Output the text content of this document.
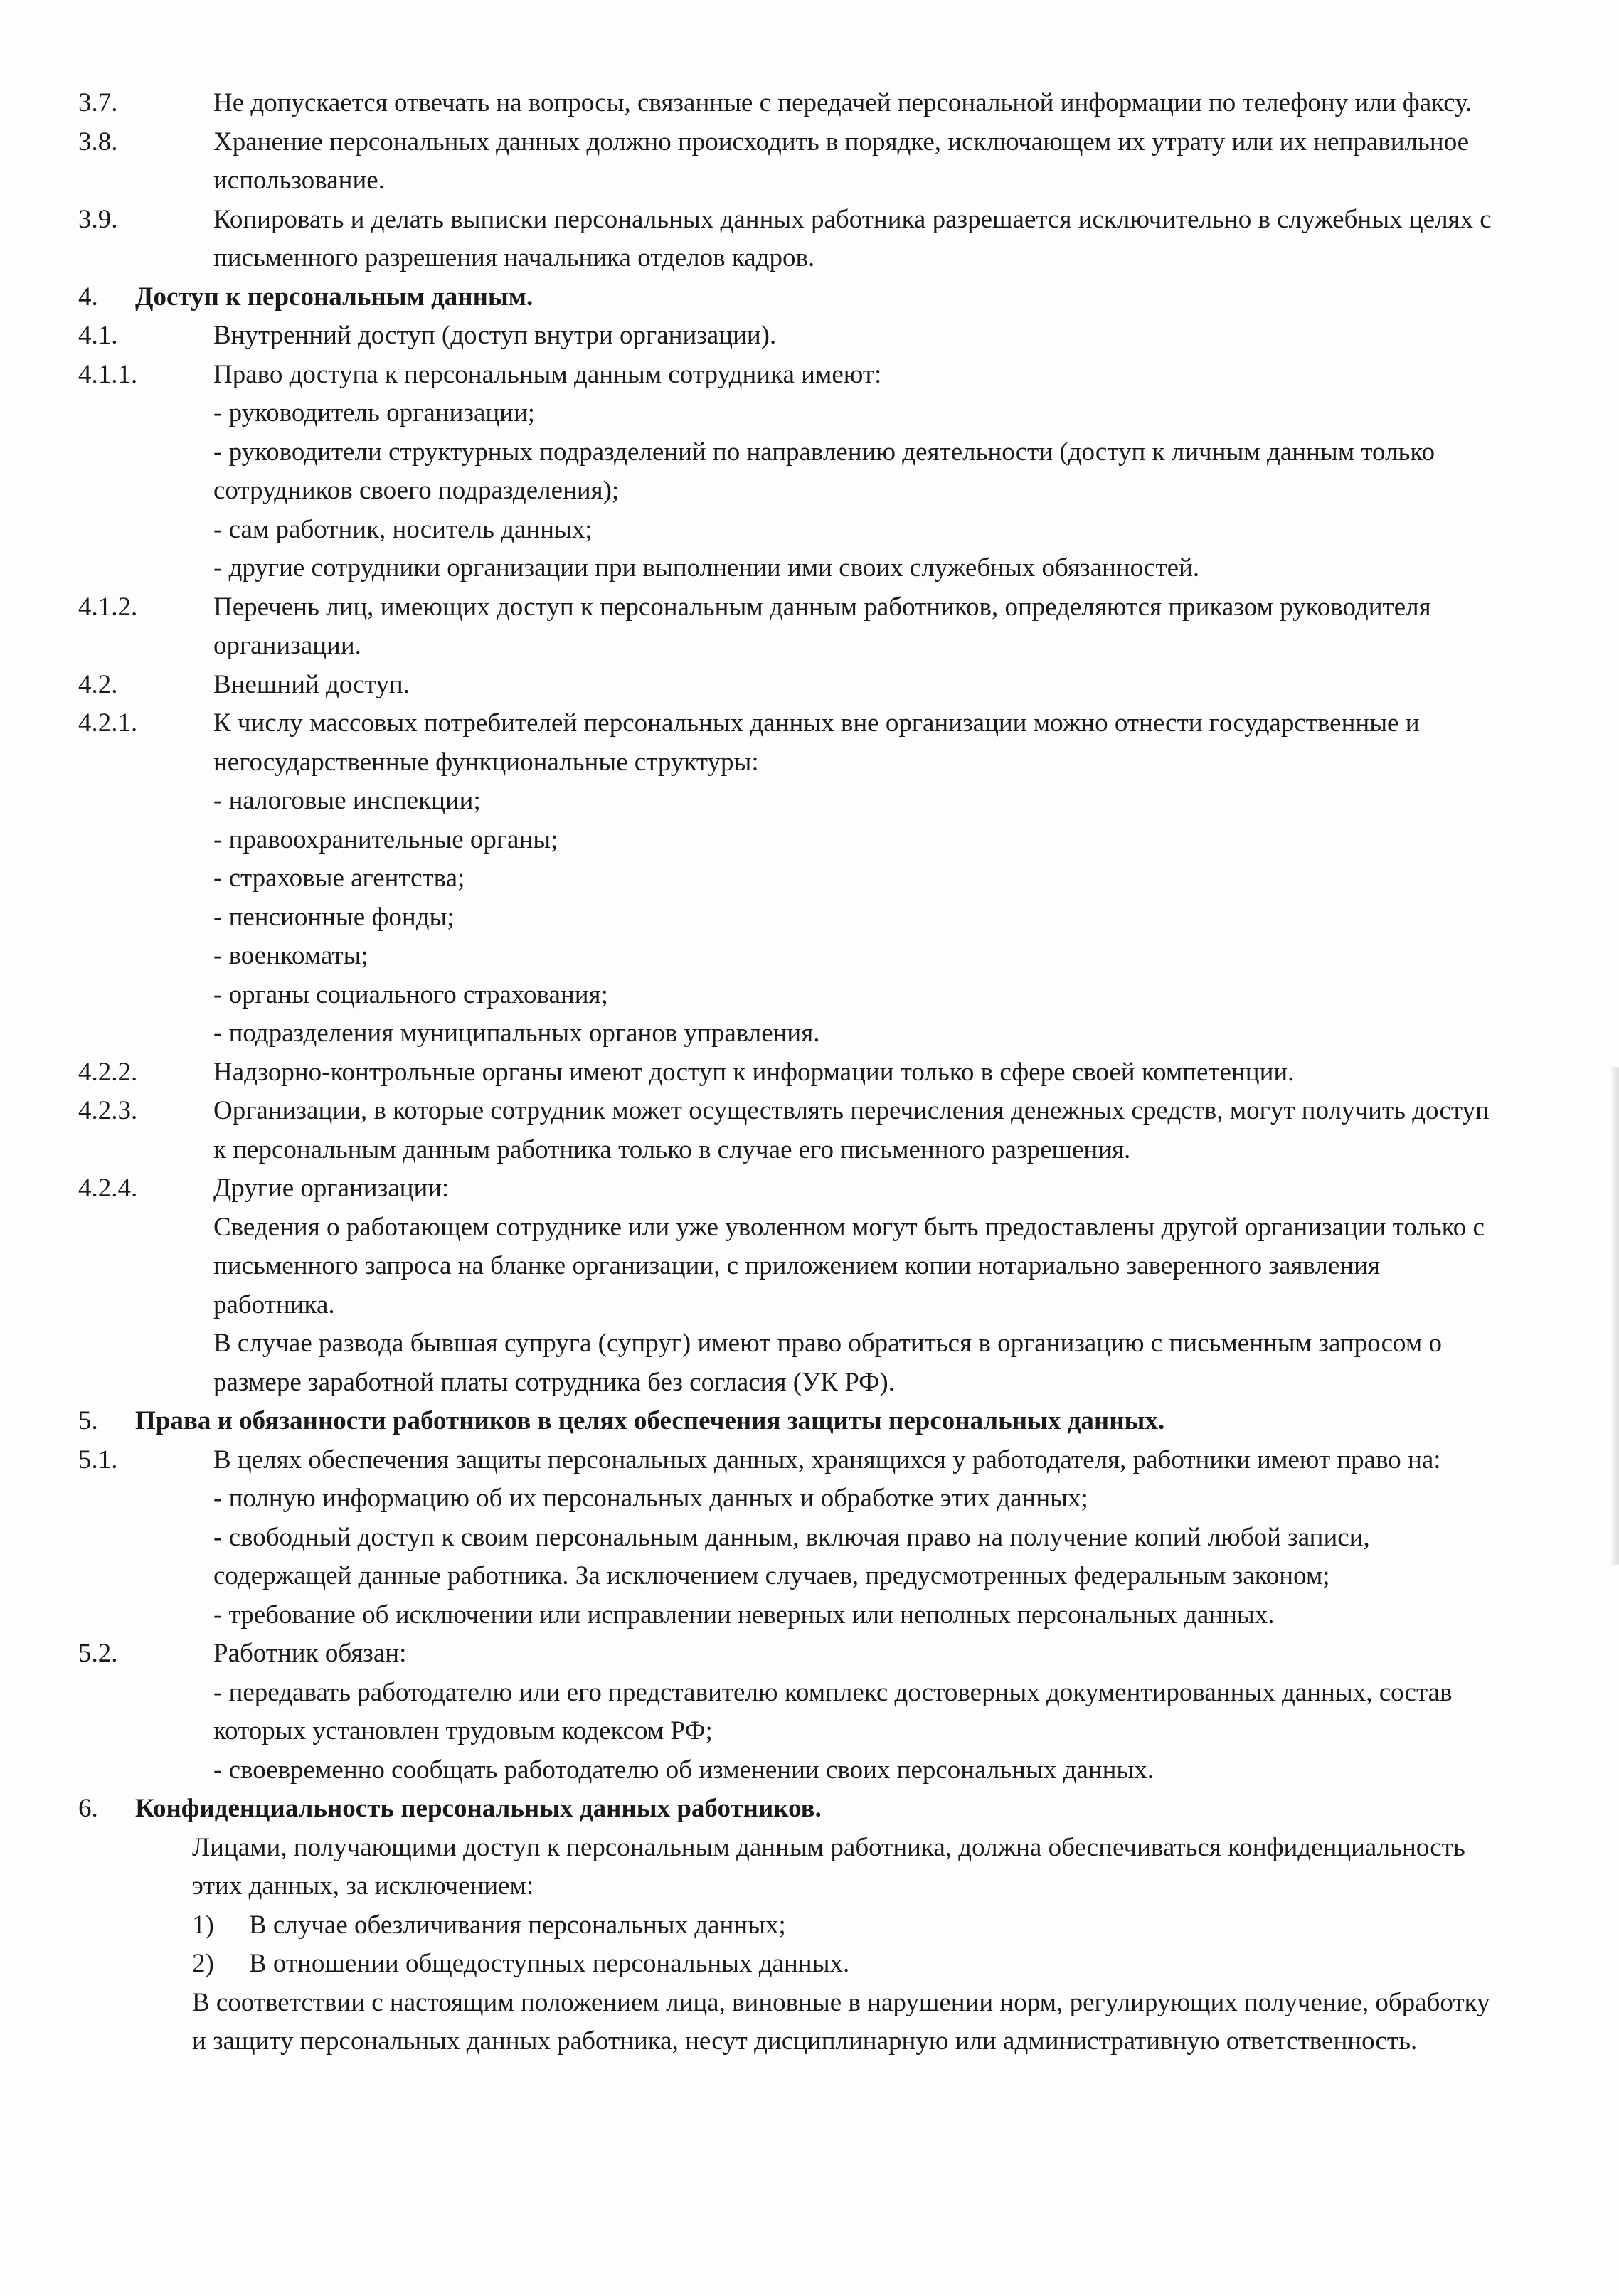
3.7.	Не допускается отвечать на вопросы, связанные с передачей персональной информации по телефону или факсу.
3.8.	Хранение персональных данных должно происходить в порядке, исключающем их утрату или их неправильное использование.
3.9.	Копировать и делать выписки персональных данных работника разрешается исключительно в служебных целях с письменного разрешения начальника отделов кадров.
4.	Доступ к персональным данным.
4.1.	Внутренний доступ (доступ внутри организации).
4.1.1.	Право доступа к персональным данным сотрудника имеют:
- руководитель организации;
- руководители структурных подразделений по направлению деятельности (доступ к личным данным только сотрудников своего подразделения);
- сам работник, носитель данных;
- другие сотрудники организации при выполнении ими своих служебных обязанностей.
4.1.2.	Перечень лиц, имеющих доступ к персональным данным работников, определяются приказом руководителя организации.
4.2.	Внешний доступ.
4.2.1.	К числу массовых потребителей персональных данных вне организации можно отнести государственные и негосударственные функциональные структуры:
- налоговые инспекции;
- правоохранительные органы;
- страховые агентства;
- пенсионные фонды;
- военкоматы;
- органы социального страхования;
- подразделения муниципальных органов управления.
4.2.2.	Надзорно-контрольные органы имеют доступ к информации только в сфере своей компетенции.
4.2.3.	Организации, в которые сотрудник может осуществлять перечисления денежных средств, могут получить доступ к персональным данным работника только в случае его письменного разрешения.
4.2.4.	Другие организации:
Сведения о работающем сотруднике или уже уволенном могут быть предоставлены другой организации только с письменного запроса на бланке организации, с приложением копии нотариально заверенного заявления работника.
В случае развода бывшая супруга (супруг) имеют право обратиться в организацию с письменным запросом о размере заработной платы сотрудника без согласия (УК РФ).
5.	Права и обязанности работников в целях обеспечения защиты персональных данных.
5.1.	В целях обеспечения защиты персональных данных, хранящихся у работодателя, работники имеют право на:
- полную информацию об их персональных данных и обработке этих данных;
- свободный доступ к своим персональным данным, включая право на получение копий любой записи, содержащей данные работника. За исключением случаев, предусмотренных федеральным законом;
- требование об исключении или исправлении неверных или неполных персональных данных.
5.2.	Работник обязан:
- передавать работодателю или его представителю комплекс достоверных документированных данных, состав которых установлен трудовым кодексом РФ;
- своевременно сообщать работодателю об изменении своих персональных данных.
6.	Конфиденциальность персональных данных работников.
Лицами, получающими доступ к персональным данным работника, должна обеспечиваться конфиденциальность этих данных, за исключением:
1)	В случае обезличивания персональных данных;
2)	В отношении общедоступных персональных данных.
В соответствии с настоящим положением лица, виновные в нарушении норм, регулирующих получение, обработку и защиту персональных данных работника, несут дисциплинарную или административную ответственность.
